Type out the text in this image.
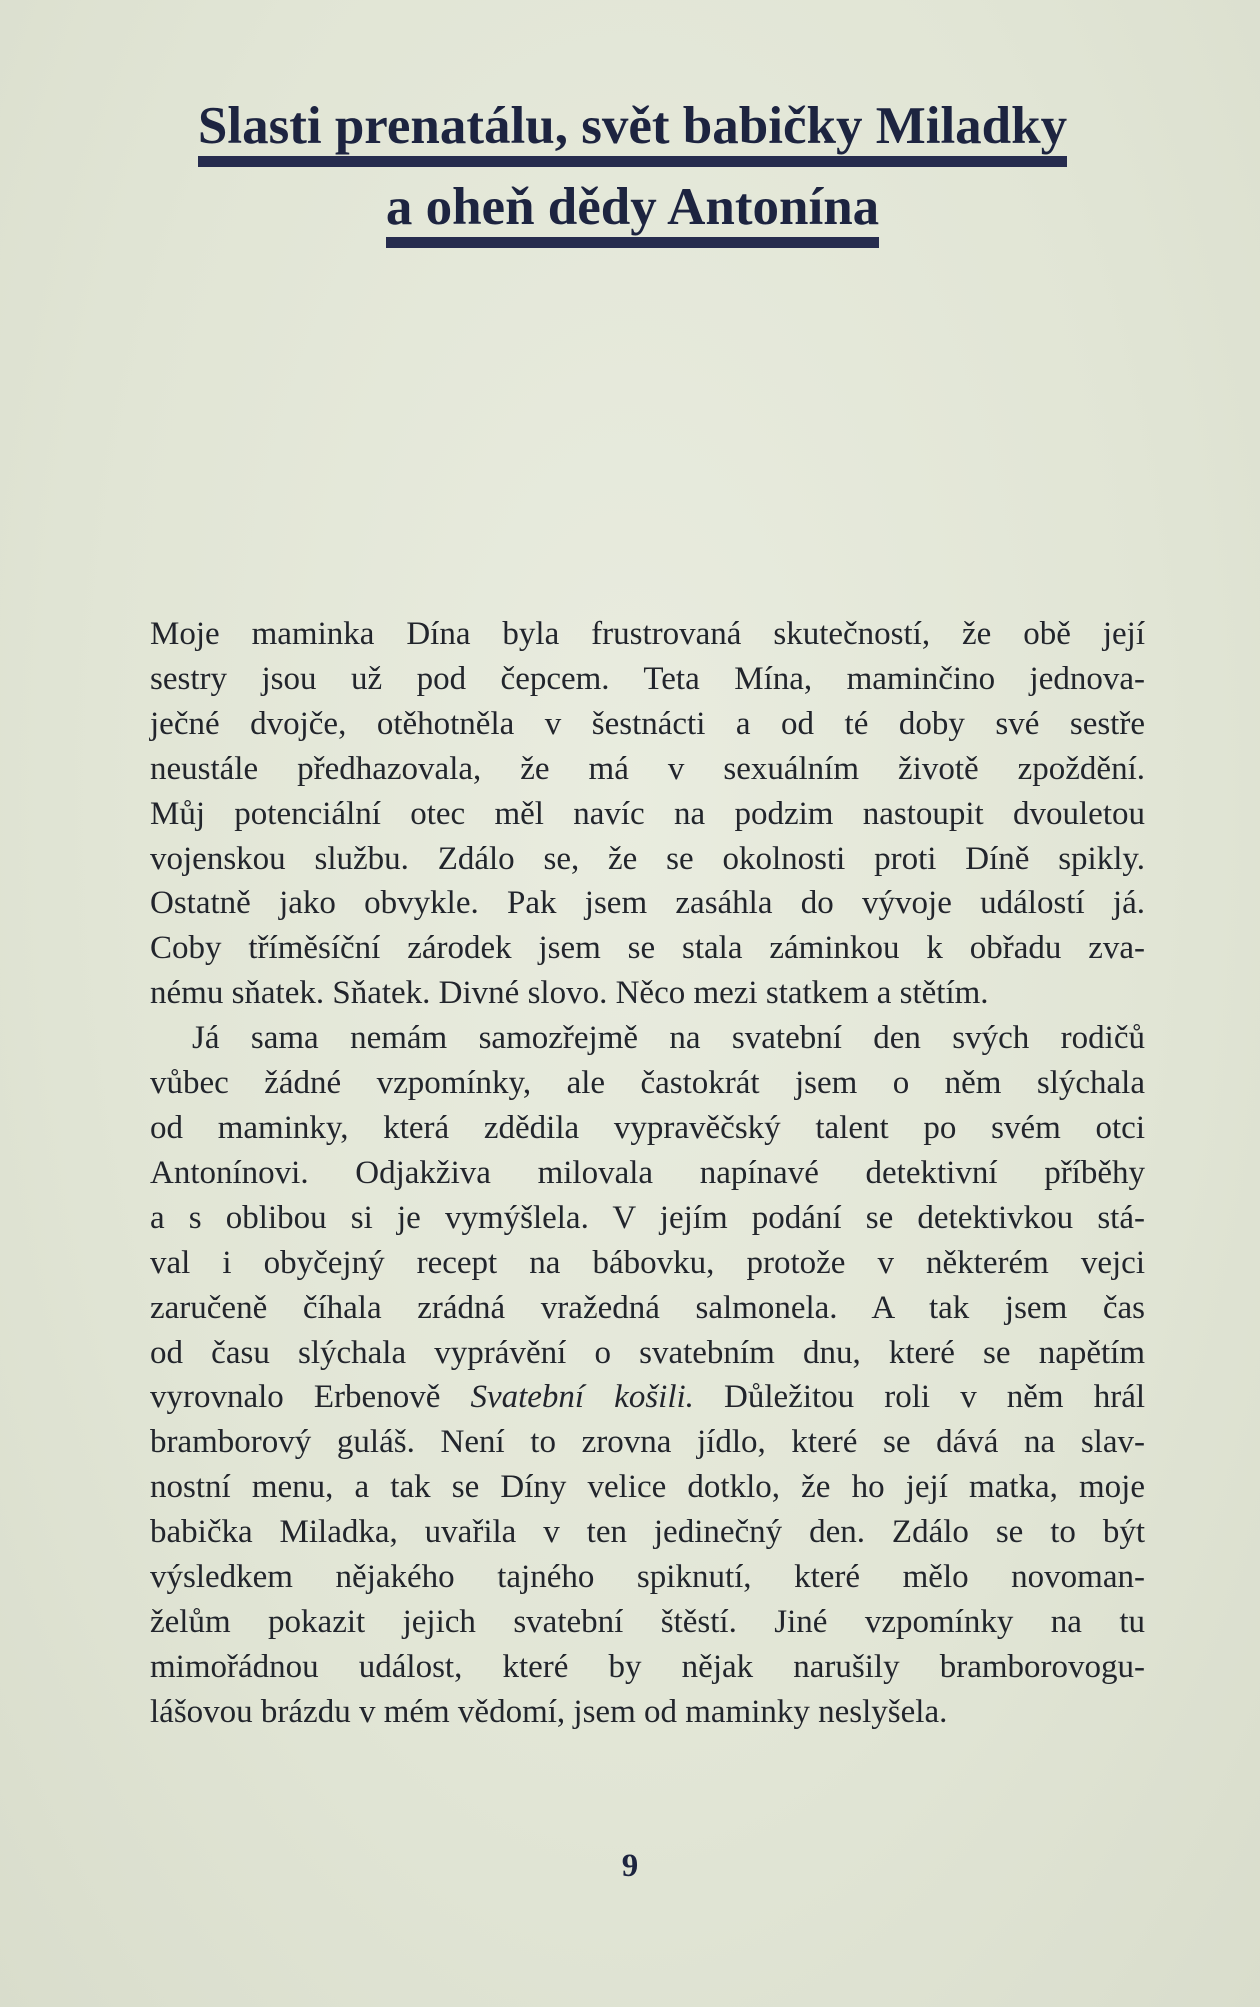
Slasti prenatálu, svět babičky Miladky

a oheň dědy Antonína
Moje maminka Dína byla frustrovaná skutečností, že obě její
sestry jsou už pod čepcem. Teta Mína, maminčino jednova-
ječné dvojče, otěhotněla v šestnácti a od té doby své sestře
neustále předhazovala, že má v sexuálním životě zpoždění.
Můj potenciální otec měl navíc na podzim nastoupit dvouletou
vojenskou službu. Zdálo se, že se okolnosti proti Díně spikly.
Ostatně jako obvykle. Pak jsem zasáhla do vývoje událostí já.
Coby tříměsíční zárodek jsem se stala záminkou k obřadu zva-
nému sňatek. Sňatek. Divné slovo. Něco mezi statkem a stětím.
Já sama nemám samozřejmě na svatební den svých rodičů
vůbec žádné vzpomínky, ale častokrát jsem o něm slýchala
od maminky, která zdědila vypravěčský talent po svém otci
Antonínovi. Odjakživa milovala napínavé detektivní příběhy
a s oblibou si je vymýšlela. V jejím podání se detektivkou stá-
val i obyčejný recept na bábovku, protože v některém vejci
zaručeně číhala zrádná vražedná salmonela. A tak jsem čas
od času slýchala vyprávění o svatebním dnu, které se napětím
vyrovnalo Erbenově Svatební košili. Důležitou roli v něm hrál
bramborový guláš. Není to zrovna jídlo, které se dává na slav-
nostní menu, a tak se Díny velice dotklo, že ho její matka, moje
babička Miladka, uvařila v ten jedinečný den. Zdálo se to být
výsledkem nějakého tajného spiknutí, které mělo novoman-
želům pokazit jejich svatební štěstí. Jiné vzpomínky na tu
mimořádnou událost, které by nějak narušily bramborovogu-
lášovou brázdu v mém vědomí, jsem od maminky neslyšela.
9
